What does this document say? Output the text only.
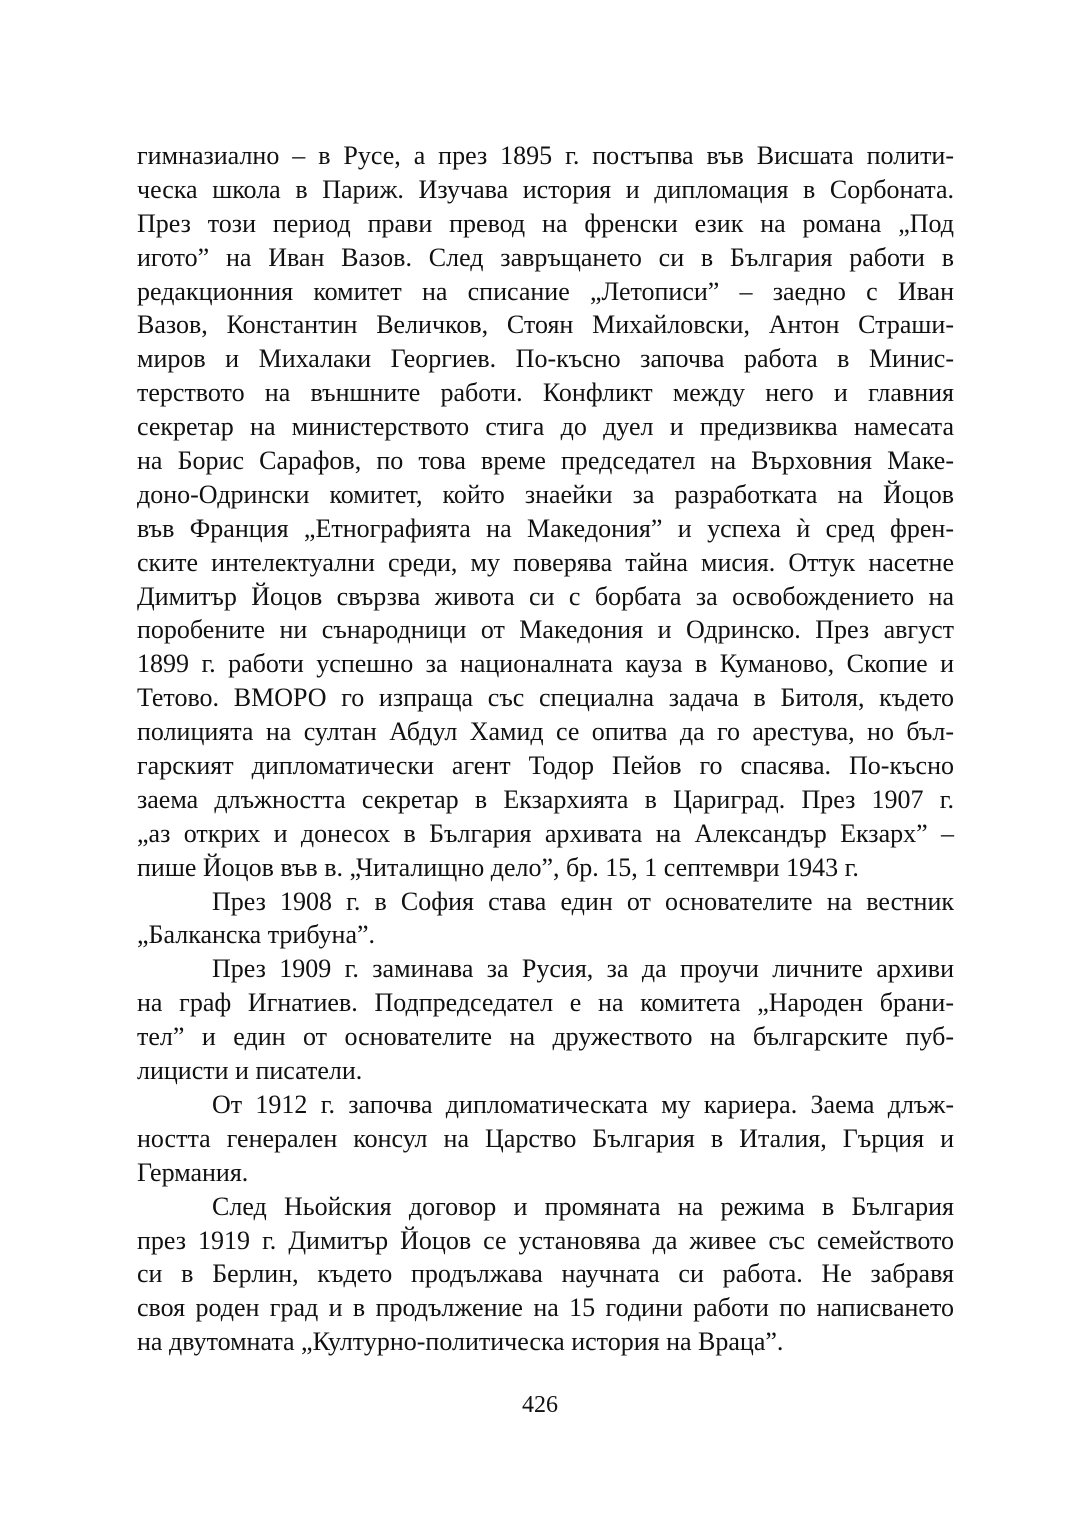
гимназиално – в Русе, а през 1895 г. постъпва във Висшата полити-
ческа школа в Париж. Изучава история и дипломация в Сорбоната.
През този период прави превод на френски език на романа „Под
игото” на Иван Вазов. След завръщането си в България работи в
редакционния комитет на списание „Летописи” – заедно с Иван
Вазов, Константин Величков, Стоян Михайловски, Антон Страши-
миров и Михалаки Георгиев. По-късно започва работа в Минис-
терството на външните работи. Конфликт между него и главния
секретар на министерството стига до дуел и предизвиква намесата
на Борис Сарафов, по това време председател на Върховния Маке-
доно-Одрински комитет, който знаейки за разработката на Йоцов
във Франция „Етнографията на Македония” и успеха ѝ сред френ-
ските интелектуални среди, му поверява тайна мисия. Оттук насетне
Димитър Йоцов свързва живота си с борбата за освобождението на
поробените ни сънародници от Македония и Одринско. През август
1899 г. работи успешно за националната кауза в Куманово, Скопие и
Тетово. ВМОРО го изпраща със специална задача в Битоля, където
полицията на султан Абдул Хамид се опитва да го арестува, но бъл-
гарският дипломатически агент Тодор Пейов го спасява. По-късно
заема длъжността секретар в Екзархията в Цариград. През 1907 г.
„аз открих и донесох в България архивата на Александър Екзарх” –
пише Йоцов във в. „Читалищно дело”, бр. 15, 1 септември 1943 г.
През 1908 г. в София става един от основателите на вестник
„Балканска трибуна”.
През 1909 г. заминава за Русия, за да проучи личните архиви
на граф Игнатиев. Подпредседател е на комитета „Народен брани-
тел” и един от основателите на дружеството на българските пуб-
лицисти и писатели.
От 1912 г. започва дипломатическата му кариера. Заема длъж-
ността генерален консул на Царство България в Италия, Гърция и
Германия.
След Ньойския договор и промяната на режима в България
през 1919 г. Димитър Йоцов се установява да живее със семейството
си в Берлин, където продължава научната си работа. Не забравя
своя роден град и в продължение на 15 години работи по написването
на двутомната „Културно-политическа история на Враца”.
426
